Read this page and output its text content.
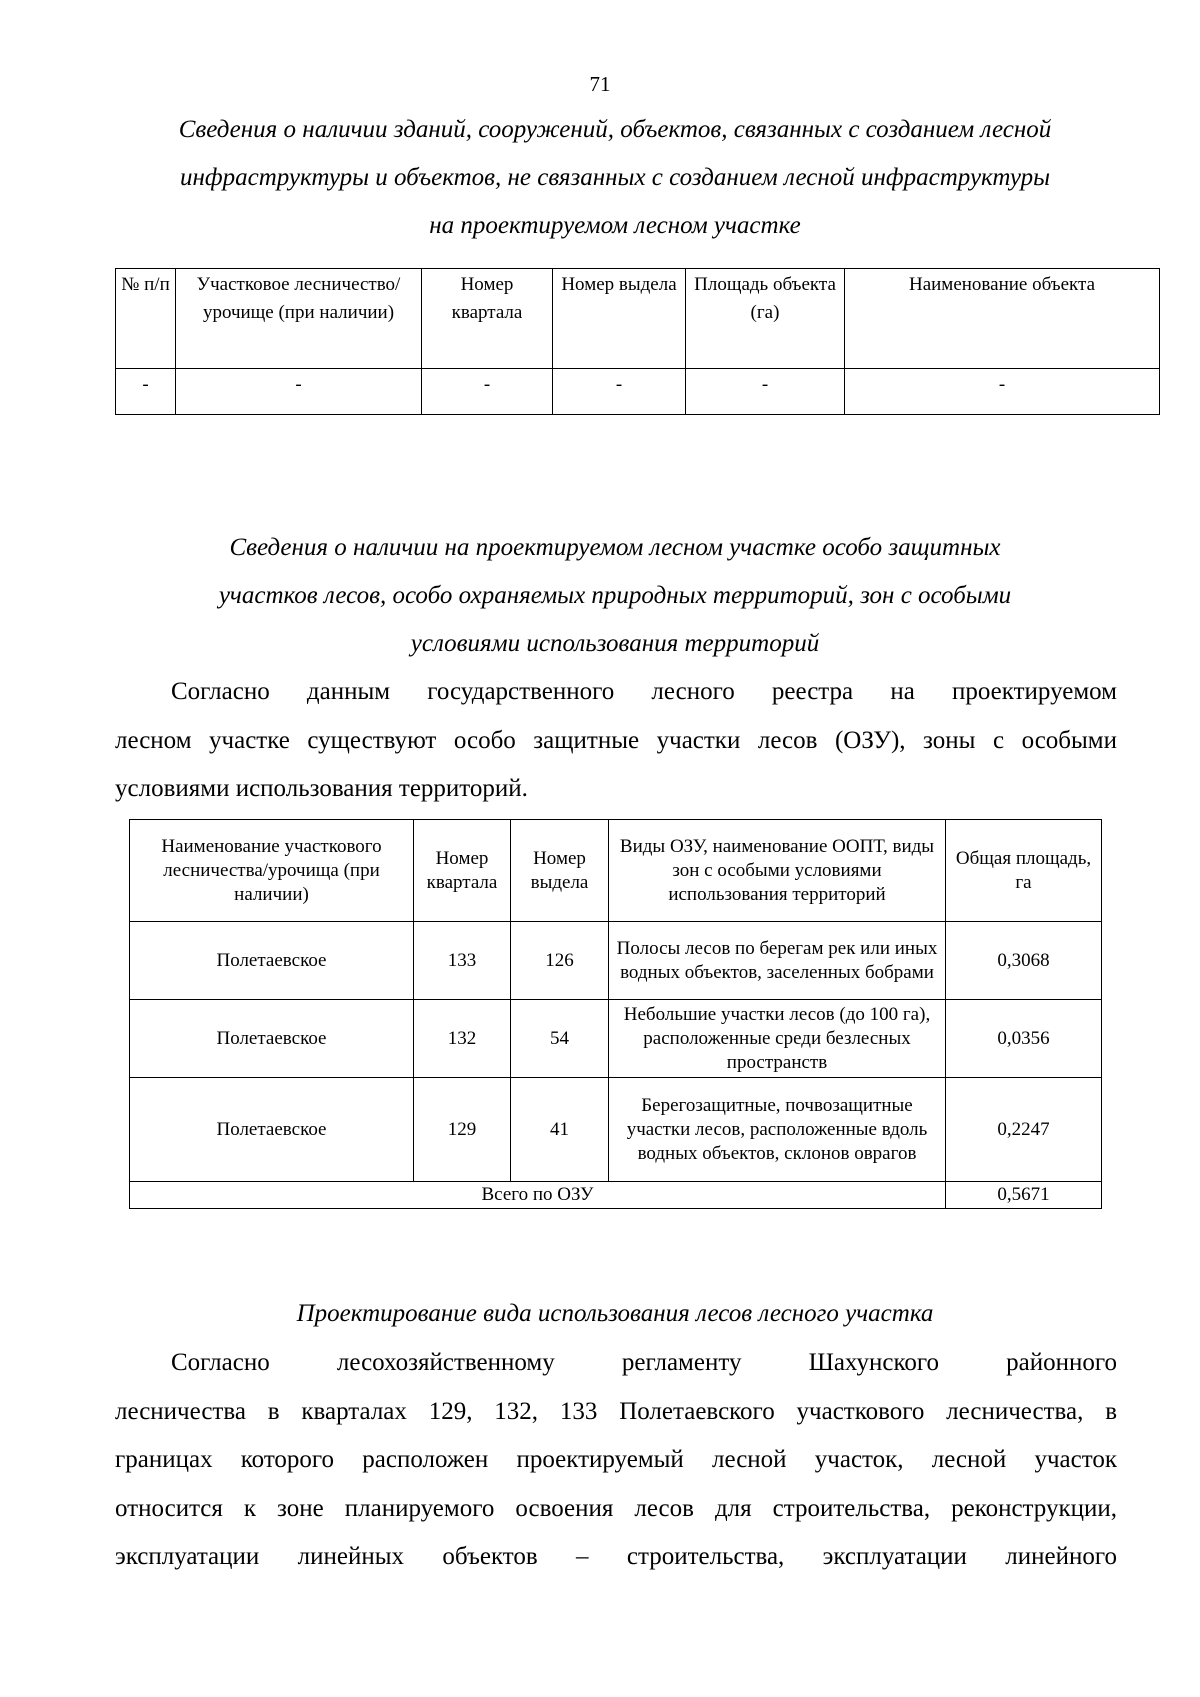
71
Сведения о наличии зданий, сооружений, объектов, связанных с созданием лесной
инфраструктуры и объектов, не связанных с созданием лесной инфраструктуры
на проектируемом лесном участке
№ п/п	Участковое лесничество/урочище (при наличии)	Номер квартала	Номер выдела	Площадь объекта (га)	Наименование объекта
-	-	-	-	-	-
Сведения о наличии на проектируемом лесном участке особо защитных
участков лесов, особо охраняемых природных территорий, зон с особыми
условиями использования территорий

Согласно данным государственного лесного реестра на проектируемом
лесном участке существуют особо защитные участки лесов (ОЗУ), зоны с особыми
условиями использования территорий.

Наименование участкового лесничества/урочища (при наличии)	Номер квартала	Номер выдела	Виды ОЗУ, наименование ООПТ, виды зон с особыми условиями использования территорий	Общая площадь, га
Полетаевское	133	126	Полосы лесов по берегам рек или иных водных объектов, заселенных бобрами	0,3068
Полетаевское	132	54	Небольшие участки лесов (до 100 га), расположенные среди безлесных пространств	0,0356
Полетаевское	129	41	Берегозащитные, почвозащитные участки лесов, расположенные вдоль водных объектов, склонов оврагов	0,2247
Всего по ОЗУ				0,5671
Проектирование вида использования лесов лесного участка

Согласно лесохозяйственному регламенту Шахунского районного
лесничества в кварталах 129, 132, 133 Полетаевского участкового лесничества, в
границах которого расположен проектируемый лесной участок, лесной участок
относится к зоне планируемого освоения лесов для строительства, реконструкции,
эксплуатации линейных объектов – строительства, эксплуатации линейного
